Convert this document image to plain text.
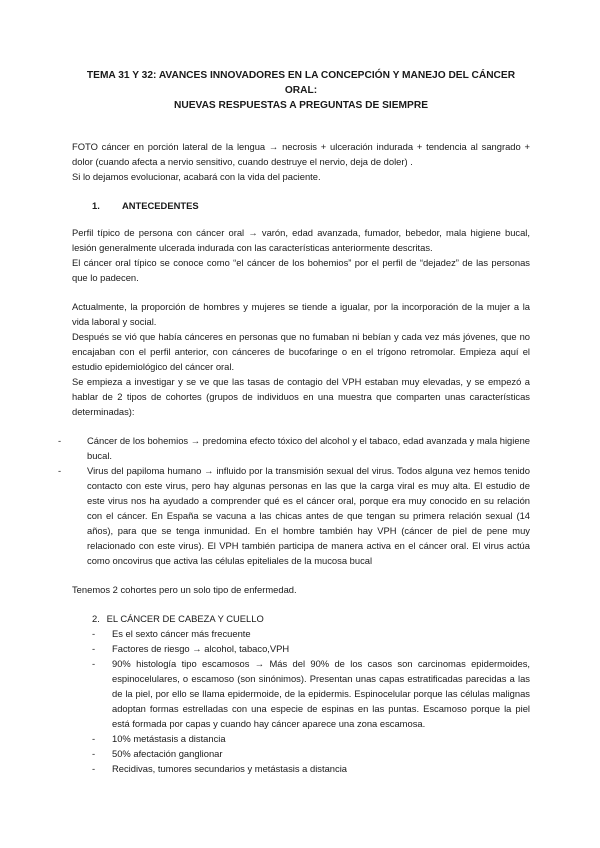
TEMA 31 Y 32: AVANCES INNOVADORES EN LA CONCEPCIÓN Y MANEJO DEL CÁNCER ORAL:
NUEVAS RESPUESTAS A PREGUNTAS DE SIEMPRE

FOTO cáncer en porción lateral de la lengua → necrosis + ulceración indurada + tendencia al sangrado + dolor (cuando afecta a nervio sensitivo, cuando destruye el nervio, deja de doler) .

Si lo dejamos evolucionar, acabará con la vida del paciente.

1. ANTECEDENTES

Perfil típico de persona con cáncer oral → varón, edad avanzada, fumador, bebedor, mala higiene bucal, lesión generalmente ulcerada indurada con las características anteriormente descritas.

El cáncer oral típico se conoce como “el cáncer de los bohemios” por el perfil de “dejadez” de las personas que lo padecen.

Actualmente, la proporción de hombres y mujeres se tiende a igualar, por la incorporación de la mujer a la vida laboral y social.

Después se vió que había cánceres en personas que no fumaban ni bebían y cada vez más jóvenes, que no encajaban con el perfil anterior, con cánceres de bucofaringe o en el trígono retromolar. Empieza aquí el estudio epidemiológico del cáncer oral.

Se empieza a investigar y se ve que las tasas de contagio del VPH estaban muy elevadas, y se empezó a hablar de 2 tipos de cohortes (grupos de individuos en una muestra que comparten unas características determinadas):

-	Cáncer de los bohemios → predomina efecto tóxico del alcohol y el tabaco, edad avanzada y mala higiene bucal.
-	Virus del papiloma humano → influido por la transmisión sexual del virus. Todos alguna vez hemos tenido contacto con este virus, pero hay algunas personas en las que la carga viral es muy alta. El estudio de este virus nos ha ayudado a comprender qué es el cáncer oral, porque era muy conocido en su relación con el cáncer. En España se vacuna a las chicas antes de que tengan su primera relación sexual (14 años), para que se tenga inmunidad. En el hombre también hay VPH (cáncer de piel de pene muy relacionado con este virus). El VPH también participa de manera activa en el cáncer oral. El virus actúa como oncovirus que activa las células epiteliales de la mucosa bucal

Tenemos 2 cohortes pero un solo tipo de enfermedad.

2. EL CÁNCER DE CABEZA Y CUELLO
- Es el sexto cáncer más frecuente
- Factores de riesgo → alcohol, tabaco,VPH
- 90% histología tipo escamosos → Más del 90% de los casos son carcinomas epidermoides, espinocelulares, o escamoso (son sinónimos). Presentan unas capas estratificadas parecidas a las de la piel, por ello se llama epidermoide, de la epidermis. Espinocelular porque las células malignas adoptan formas estrelladas con una especie de espinas en las puntas. Escamoso porque la piel está formada por capas y cuando hay cáncer aparece una zona escamosa.
- 10% metástasis a distancia
- 50% afectación ganglionar
- Recidivas, tumores secundarios y metástasis a distancia
